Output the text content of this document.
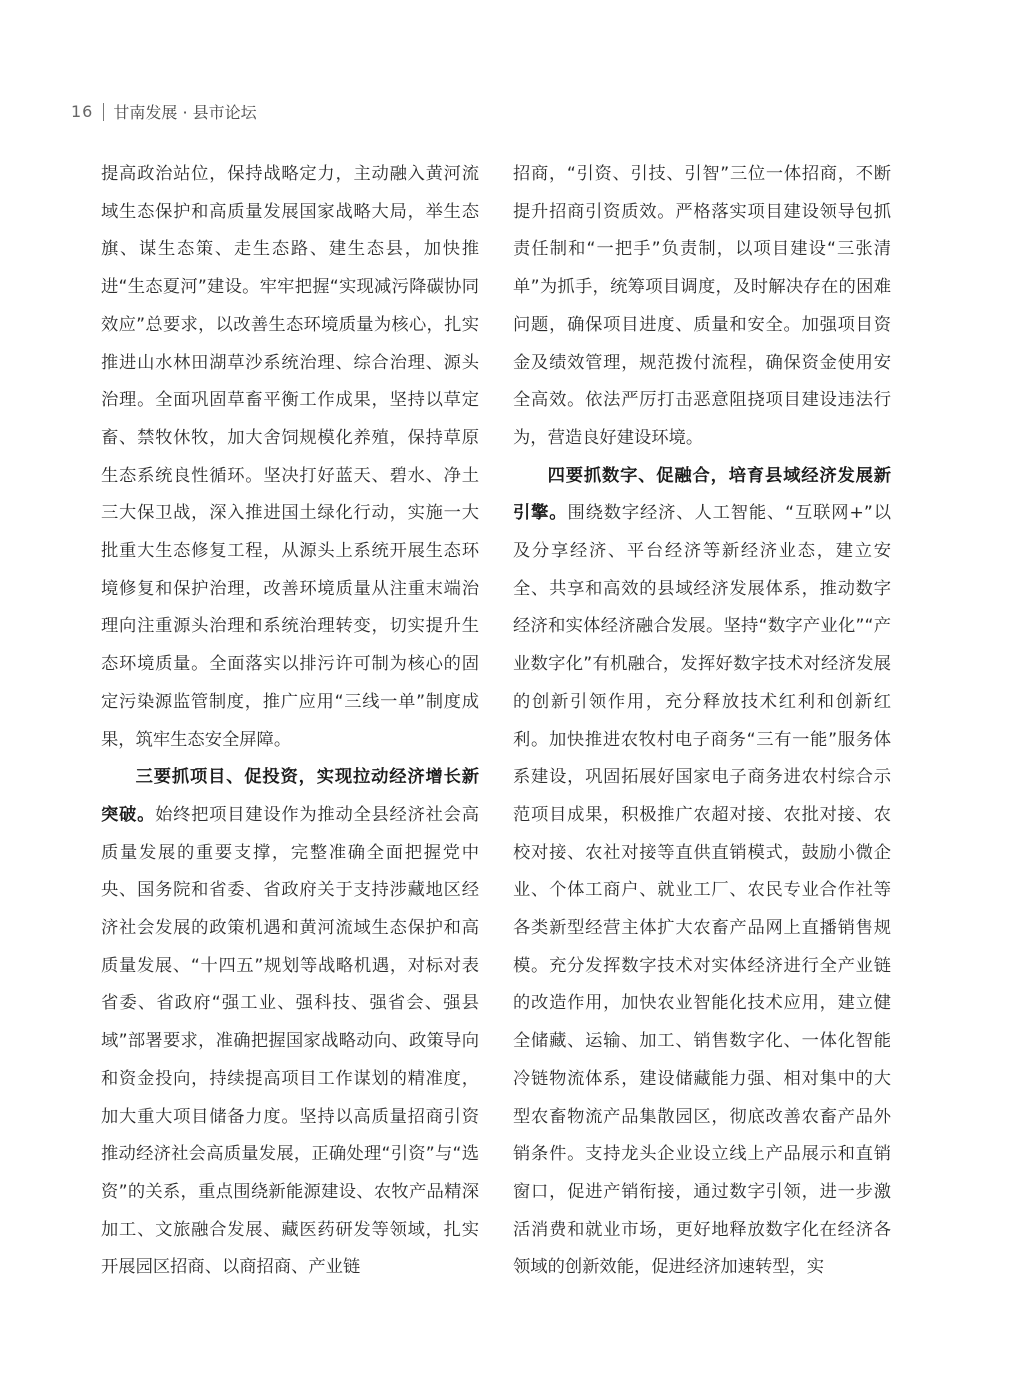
16 甘南发展 · 县市论坛

提高政治站位，保持战略定力，主动融入黄河流域生态保护和高质量发展国家战略大局，举生态旗、谋生态策、走生态路、建生态县，加快推进“生态夏河”建设。牢牢把握“实现减污降碳协同效应”总要求，以改善生态环境质量为核心，扎实推进山水林田湖草沙系统治理、综合治理、源头治理。全面巩固草畜平衡工作成果，坚持以草定畜、禁牧休牧，加大舍饲规模化养殖，保持草原生态系统良性循环。坚决打好蓝天、碧水、净土三大保卫战，深入推进国土绿化行动，实施一大批重大生态修复工程，从源头上系统开展生态环境修复和保护治理，改善环境质量从注重末端治理向注重源头治理和系统治理转变，切实提升生态环境质量。全面落实以排污许可制为核心的固定污染源监管制度，推广应用“三线一单”制度成果，筑牢生态安全屏障。

三要抓项目、促投资，实现拉动经济增长新突破。始终把项目建设作为推动全县经济社会高质量发展的重要支撑，完整准确全面把握党中央、国务院和省委、省政府关于支持涉藏地区经济社会发展的政策机遇和黄河流域生态保护和高质量发展、“十四五”规划等战略机遇，对标对表省委、省政府“强工业、强科技、强省会、强县域”部署要求，准确把握国家战略动向、政策导向和资金投向，持续提高项目工作谋划的精准度，加大重大项目储备力度。坚持以高质量招商引资推动经济社会高质量发展，正确处理“引资”与“选资”的关系，重点围绕新能源建设、农牧产品精深加工、文旅融合发展、藏医药研发等领域，扎实开展园区招商、以商招商、产业链

招商，“引资、引技、引智”三位一体招商，不断提升招商引资质效。严格落实项目建设领导包抓责任制和“一把手”负责制，以项目建设“三张清单”为抓手，统筹项目调度，及时解决存在的困难问题，确保项目进度、质量和安全。加强项目资金及绩效管理，规范拨付流程，确保资金使用安全高效。依法严厉打击恶意阻挠项目建设违法行为，营造良好建设环境。

四要抓数字、促融合，培育县域经济发展新引擎。围绕数字经济、人工智能、“互联网+”以及分享经济、平台经济等新经济业态，建立安全、共享和高效的县域经济发展体系，推动数字经济和实体经济融合发展。坚持“数字产业化”“产业数字化”有机融合，发挥好数字技术对经济发展的创新引领作用，充分释放技术红利和创新红利。加快推进农牧村电子商务“三有一能”服务体系建设，巩固拓展好国家电子商务进农村综合示范项目成果，积极推广农超对接、农批对接、农校对接、农社对接等直供直销模式，鼓励小微企业、个体工商户、就业工厂、农民专业合作社等各类新型经营主体扩大农畜产品网上直播销售规模。充分发挥数字技术对实体经济进行全产业链的改造作用，加快农业智能化技术应用，建立健全储藏、运输、加工、销售数字化、一体化智能冷链物流体系，建设储藏能力强、相对集中的大型农畜物流产品集散园区，彻底改善农畜产品外销条件。支持龙头企业设立线上产品展示和直销窗口，促进产销衔接，通过数字引领，进一步激活消费和就业市场，更好地释放数字化在经济各领域的创新效能，促进经济加速转型，实
